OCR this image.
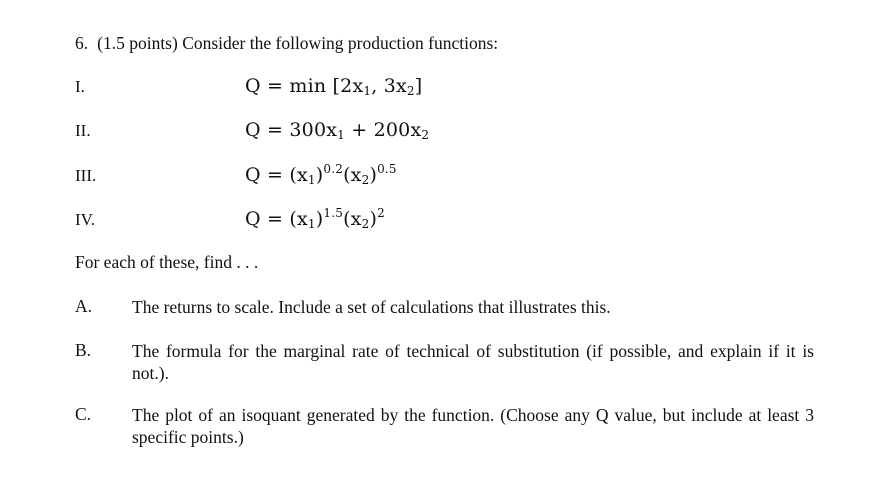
6. (1.5 points) Consider the following production functions:
I.	$Q = \min [2x_1$, $3x_2$]
II.	$Q = 300x_1 + 200x_2$
III.	$Q = (x_1)^{0.2}(x_2)^{0.5}$
IV.	$Q = (x_1)^{1.5}(x_2)^2$
For each of these, find . . .
A. The returns to scale. Include a set of calculations that illustrates this.
B. The formula for the marginal rate of technical of substitution (if possible, and explain if it is not.).
C. The plot of an isoquant generated by the function. (Choose any Q value, but include at least 3 specific points.)
